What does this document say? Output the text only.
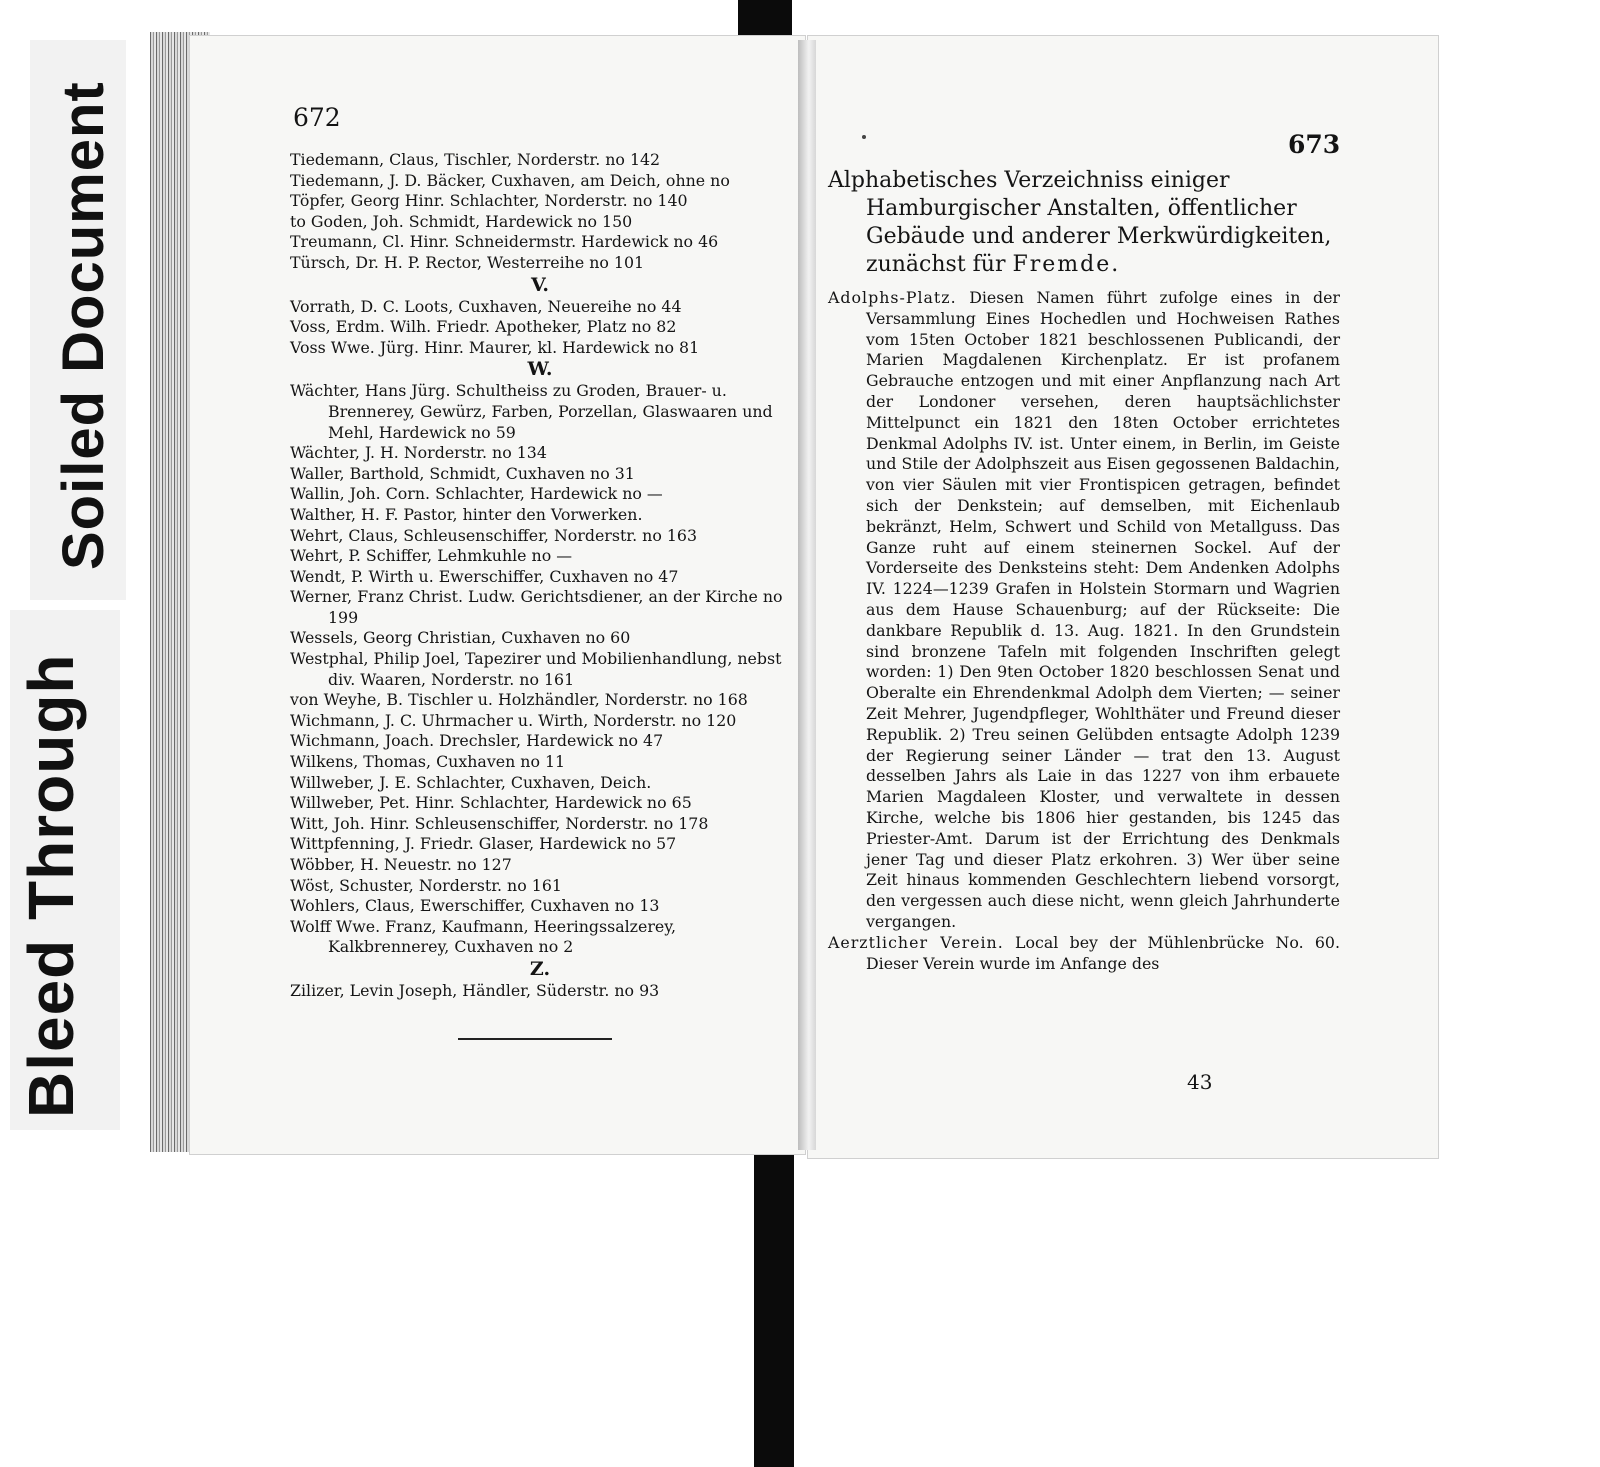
Soiled Document
Bleed Through
672
Tiedemann, Claus, Tischler, Norderstr. no 142
Tiedemann, J. D. Bäcker, Cuxhaven, am Deich, ohne no
Töpfer, Georg Hinr. Schlachter, Norderstr. no 140
to Goden, Joh. Schmidt, Hardewick no 150
Treumann, Cl. Hinr. Schneidermstr. Hardewick no 46
Türsch, Dr. H. P. Rector, Westerreihe no 101
V.
Vorrath, D. C. Loots, Cuxhaven, Neuereihe no 44
Voss, Erdm. Wilh. Friedr. Apotheker, Platz no 82
Voss Wwe. Jürg. Hinr. Maurer, kl. Hardewick no 81
W.
Wächter, Hans Jürg. Schultheiss zu Groden, Brauer- u. Brennerey, Gewürz, Farben, Porzellan, Glaswaaren und Mehl, Hardewick no 59
Wächter, J. H. Norderstr. no 134
Waller, Barthold, Schmidt, Cuxhaven no 31
Wallin, Joh. Corn. Schlachter, Hardewick no —
Walther, H. F. Pastor, hinter den Vorwerken.
Wehrt, Claus, Schleusenschiffer, Norderstr. no 163
Wehrt, P. Schiffer, Lehmkuhle no —
Wendt, P. Wirth u. Ewerschiffer, Cuxhaven no 47
Werner, Franz Christ. Ludw. Gerichtsdiener, an der Kirche no 199
Wessels, Georg Christian, Cuxhaven no 60
Westphal, Philip Joel, Tapezirer und Mobilienhandlung, nebst div. Waaren, Norderstr. no 161
von Weyhe, B. Tischler u. Holzhändler, Norderstr. no 168
Wichmann, J. C. Uhrmacher u. Wirth, Norderstr. no 120
Wichmann, Joach. Drechsler, Hardewick no 47
Wilkens, Thomas, Cuxhaven no 11
Willweber, J. E. Schlachter, Cuxhaven, Deich.
Willweber, Pet. Hinr. Schlachter, Hardewick no 65
Witt, Joh. Hinr. Schleusenschiffer, Norderstr. no 178
Wittpfenning, J. Friedr. Glaser, Hardewick no 57
Wöbber, H. Neuestr. no 127
Wöst, Schuster, Norderstr. no 161
Wohlers, Claus, Ewerschiffer, Cuxhaven no 13
Wolff Wwe. Franz, Kaufmann, Heeringssalzerey, Kalkbrennerey, Cuxhaven no 2
Z.
Zilizer, Levin Joseph, Händler, Süderstr. no 93
673
Alphabetisches Verzeichniss einiger Hamburgischer Anstalten, öffentlicher Gebäude und anderer Merkwürdigkeiten, zunächst für Fremde.

Adolphs-Platz. Diesen Namen führt zufolge eines in der Versammlung Eines Hochedlen und Hochweisen Rathes vom 15ten October 1821 beschlossenen Publicandi, der Marien Magdalenen Kirchenplatz. Er ist profanem Gebrauche entzogen und mit einer Anpflanzung nach Art der Londoner versehen, deren hauptsächlichster Mittelpunct ein 1821 den 18ten October errichtetes Denkmal Adolphs IV. ist. Unter einem, in Berlin, im Geiste und Stile der Adolphszeit aus Eisen gegossenen Baldachin, von vier Säulen mit vier Frontispicen getragen, befindet sich der Denkstein; auf demselben, mit Eichenlaub bekränzt, Helm, Schwert und Schild von Metallguss. Das Ganze ruht auf einem steinernen Sockel. Auf der Vorderseite des Denksteins steht: Dem Andenken Adolphs IV. 1224—1239 Grafen in Holstein Stormarn und Wagrien aus dem Hause Schauenburg; auf der Rückseite: Die dankbare Republik d. 13. Aug. 1821. In den Grundstein sind bronzene Tafeln mit folgenden Inschriften gelegt worden: 1) Den 9ten October 1820 beschlossen Senat und Oberalte ein Ehrendenkmal Adolph dem Vierten; — seiner Zeit Mehrer, Jugendpfleger, Wohlthäter und Freund dieser Republik. 2) Treu seinen Gelübden entsagte Adolph 1239 der Regierung seiner Länder — trat den 13. August desselben Jahrs als Laie in das 1227 von ihm erbauete Marien Magdaleen Kloster, und verwaltete in dessen Kirche, welche bis 1806 hier gestanden, bis 1245 das Priester-Amt. Darum ist der Errichtung des Denkmals jener Tag und dieser Platz erkohren. 3) Wer über seine Zeit hinaus kommenden Geschlechtern liebend vorsorgt, den vergessen auch diese nicht, wenn gleich Jahrhunderte vergangen.

Aerztlicher Verein. Local bey der Mühlenbrücke No. 60. Dieser Verein wurde im Anfange des

43
